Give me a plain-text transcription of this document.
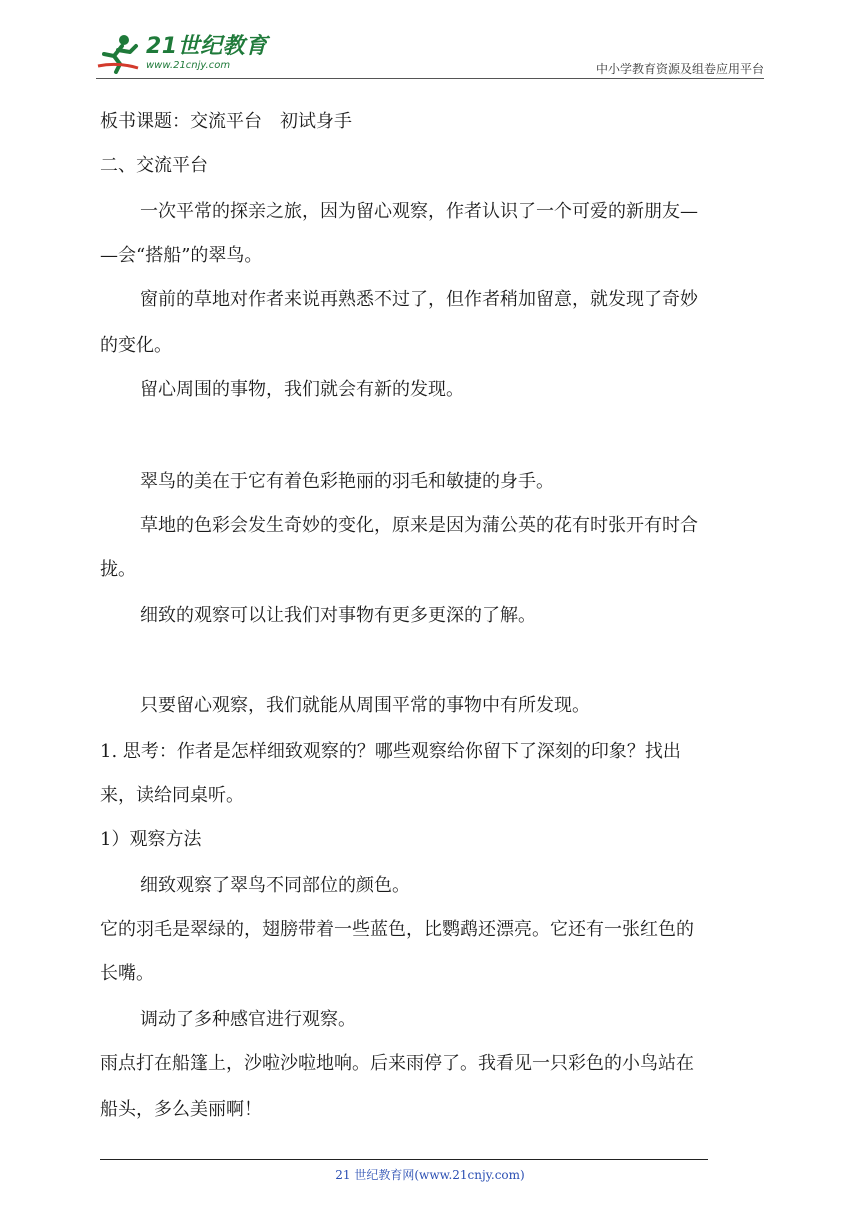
21世纪教育
www.21cnjy.com	中小学教育资源及组卷应用平台
板书课题：交流平台　初试身手
二、交流平台
一次平常的探亲之旅，因为留心观察，作者认识了一个可爱的新朋友—
—会“搭船”的翠鸟。
窗前的草地对作者来说再熟悉不过了，但作者稍加留意，就发现了奇妙
的变化。
留心周围的事物，我们就会有新的发现。
翠鸟的美在于它有着色彩艳丽的羽毛和敏捷的身手。
草地的色彩会发生奇妙的变化，原来是因为蒲公英的花有时张开有时合
拢。
细致的观察可以让我们对事物有更多更深的了解。
只要留心观察，我们就能从周围平常的事物中有所发现。
1. 思考：作者是怎样细致观察的？哪些观察给你留下了深刻的印象？找出
来，读给同桌听。
1）观察方法
细致观察了翠鸟不同部位的颜色。
它的羽毛是翠绿的，翅膀带着一些蓝色，比鹦鹉还漂亮。它还有一张红色的
长嘴。
调动了多种感官进行观察。
雨点打在船篷上，沙啦沙啦地响。后来雨停了。我看见一只彩色的小鸟站在
船头，多么美丽啊！
21 世纪教育网(www.21cnjy.com)
